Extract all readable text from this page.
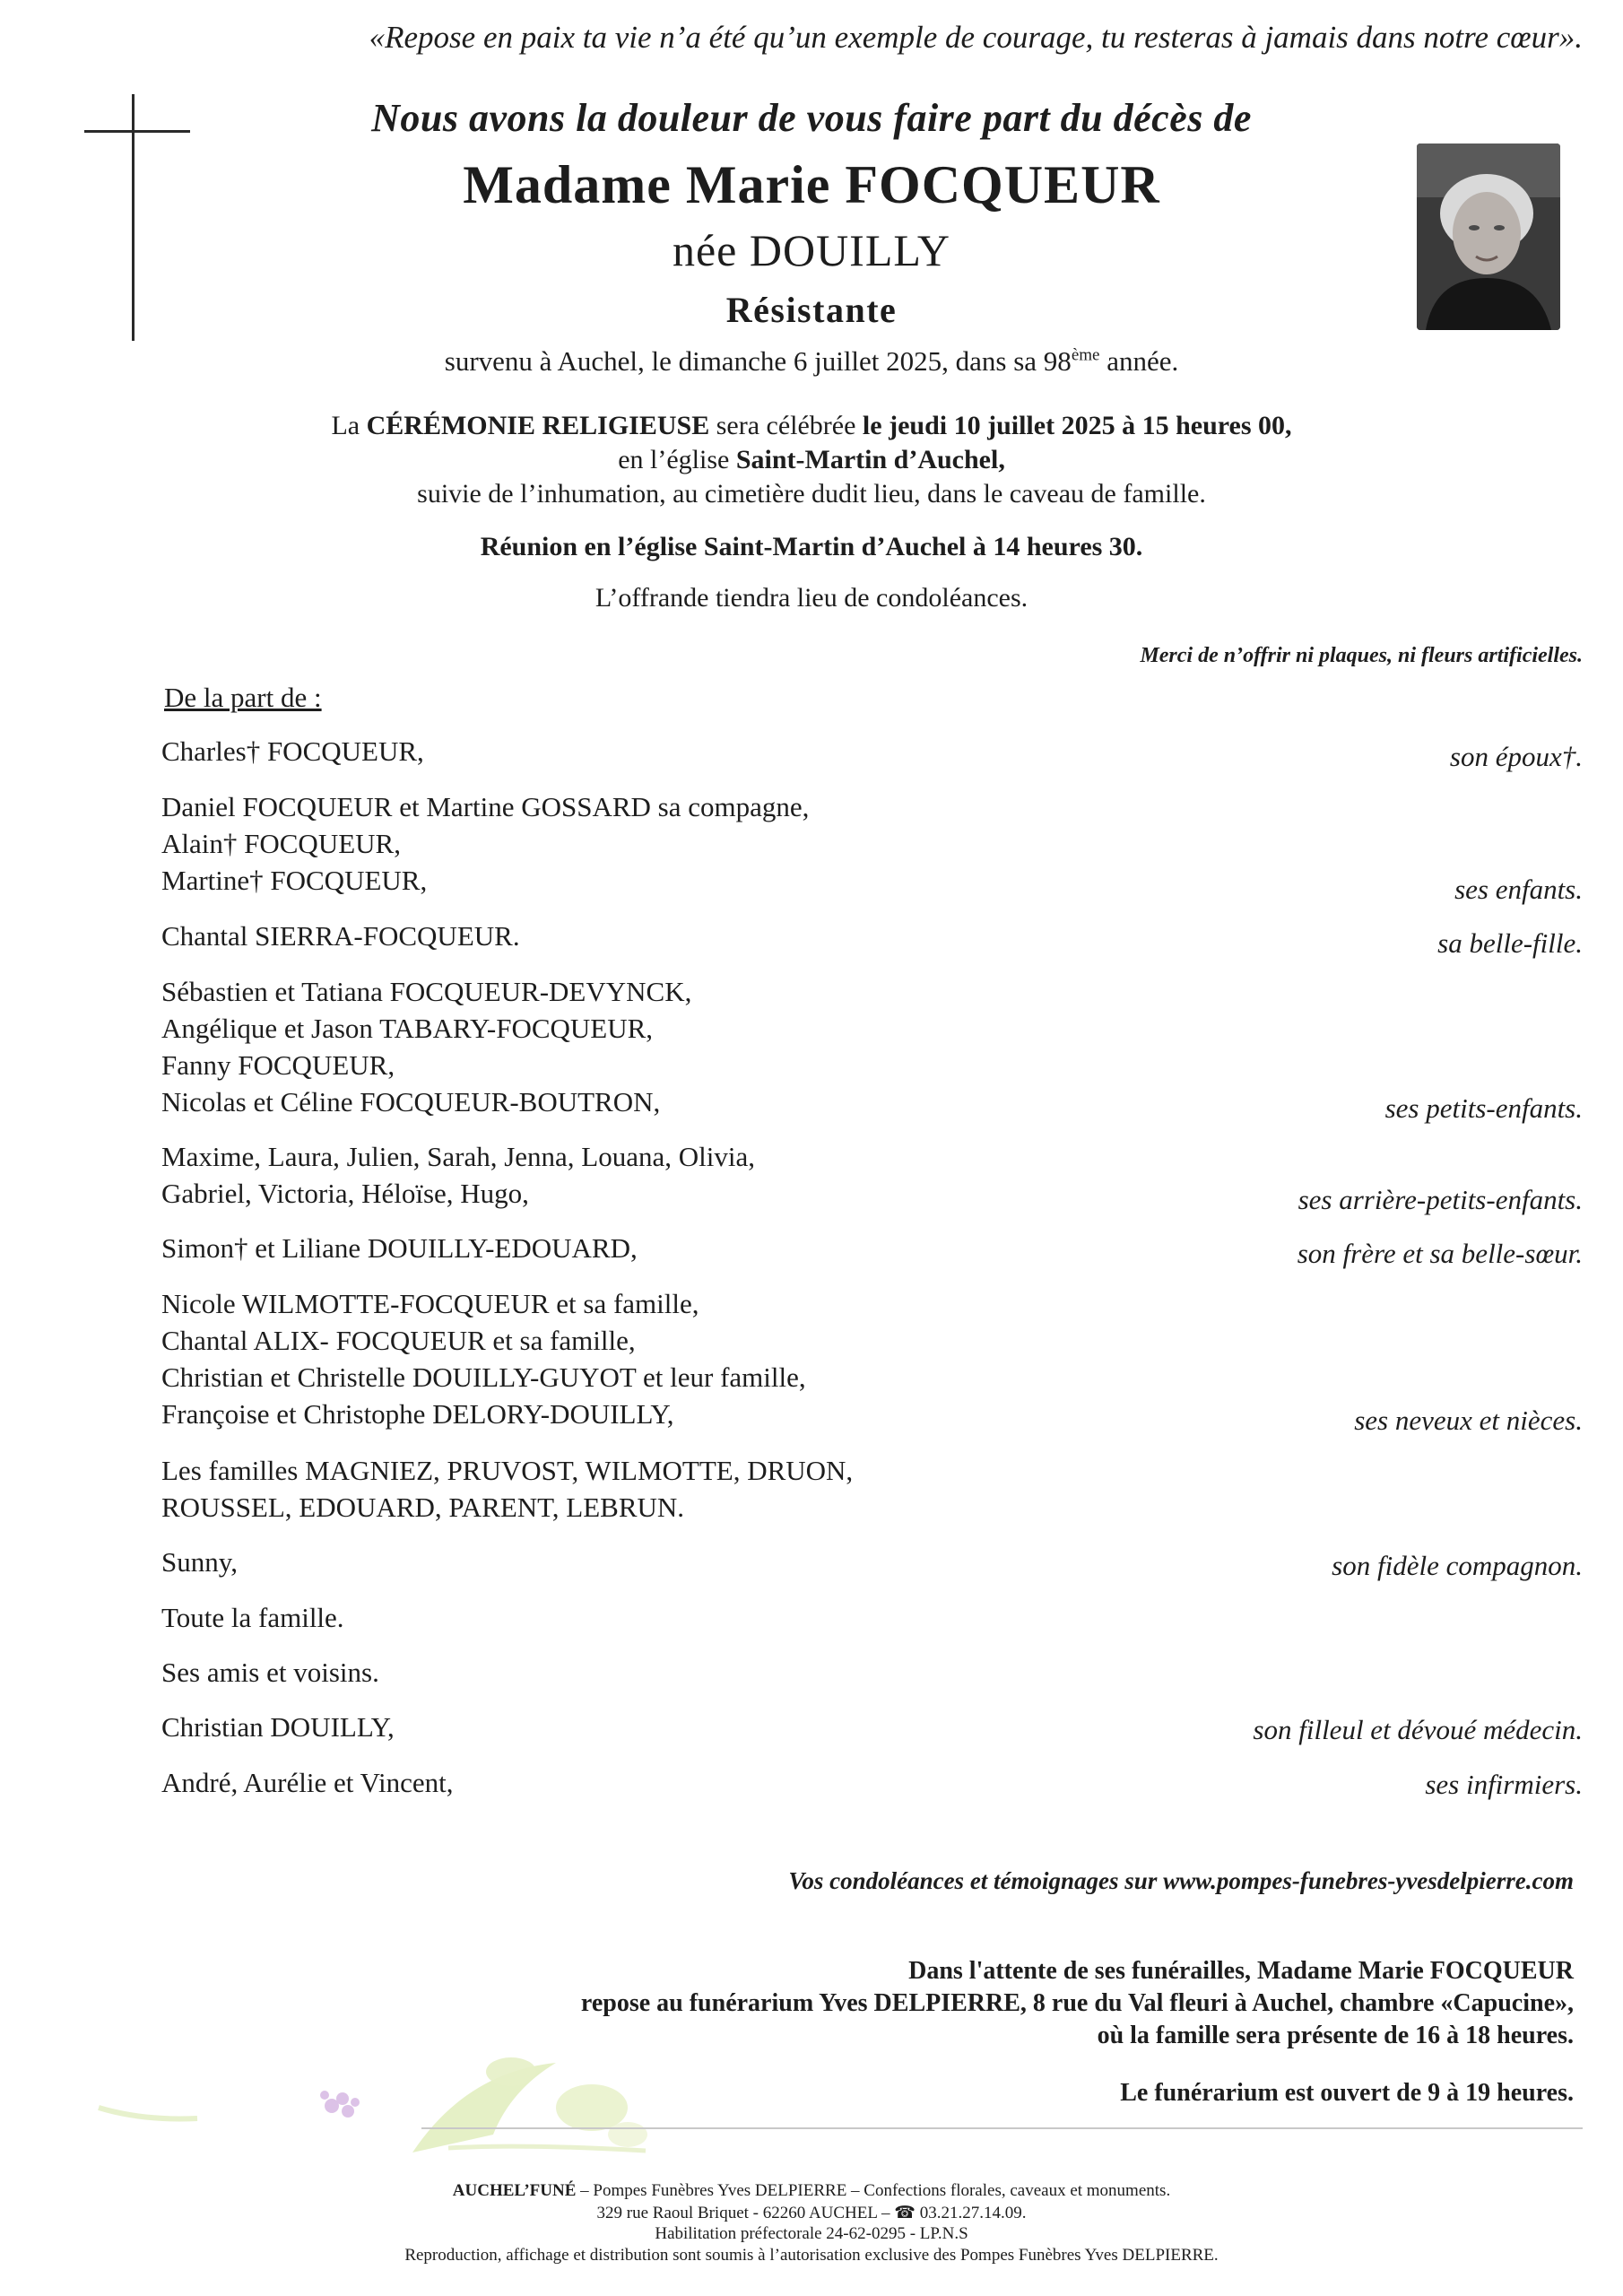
«Repose en paix ta vie n’a été qu’un exemple de courage, tu resteras à jamais dans notre cœur».
Nous avons la douleur de vous faire part du décès de
Madame Marie FOCQUEUR
née DOUILLY
Résistante
survenu à Auchel, le dimanche 6 juillet 2025, dans sa 98ème année.
La CÉRÉMONIE RELIGIEUSE sera célébrée le jeudi 10 juillet 2025 à 15 heures 00,
en l’église Saint-Martin d’Auchel,
suivie de l’inhumation, au cimetière dudit lieu, dans le caveau de famille.
Réunion en l’église Saint-Martin d’Auchel à 14 heures 30.
L’offrande tiendra lieu de condoléances.
Merci de n’offrir ni plaques, ni fleurs artificielles.
De la part de :
Charles† FOCQUEUR,
Daniel FOCQUEUR et Martine GOSSARD sa compagne,
Alain† FOCQUEUR,
Martine† FOCQUEUR,
Chantal SIERRA-FOCQUEUR.
Sébastien et Tatiana FOCQUEUR-DEVYNCK,
Angélique et Jason TABARY-FOCQUEUR,
Fanny FOCQUEUR,
Nicolas et Céline FOCQUEUR-BOUTRON,
Maxime, Laura, Julien, Sarah, Jenna, Louana, Olivia,
Gabriel, Victoria, Héloïse, Hugo,
Simon† et Liliane DOUILLY-EDOUARD,
Nicole WILMOTTE-FOCQUEUR et sa famille,
Chantal ALIX- FOCQUEUR et sa famille,
Christian et Christelle DOUILLY-GUYOT et leur famille,
Françoise et Christophe DELORY-DOUILLY,
Les familles MAGNIEZ, PRUVOST, WILMOTTE, DRUON,
ROUSSEL, EDOUARD, PARENT, LEBRUN.
Sunny,
Toute la famille.
Ses amis et voisins.
Christian DOUILLY,
André, Aurélie et Vincent,
son époux†.
ses enfants.
sa belle-fille.
ses petits-enfants.
ses arrière-petits-enfants.
son frère et sa belle-sœur.
ses neveux et nièces.
son fidèle compagnon.
son filleul et dévoué médecin.
ses infirmiers.
Vos condoléances et témoignages sur www.pompes-funebres-yvesdelpierre.com
Dans l'attente de ses funérailles, Madame Marie FOCQUEUR
repose au funérarium Yves DELPIERRE, 8 rue du Val fleuri à Auchel, chambre «Capucine»,
où la famille sera présente de 16 à 18 heures.
Le funérarium est ouvert de 9 à 19 heures.
AUCHEL’FUNÉ – Pompes Funèbres Yves DELPIERRE – Confections florales, caveaux et monuments.
329 rue Raoul Briquet - 62260 AUCHEL – ☎ 03.21.27.14.09.
Habilitation préfectorale 24-62-0295 - LP.N.S
Reproduction, affichage et distribution sont soumis à l’autorisation exclusive des Pompes Funèbres Yves DELPIERRE.
